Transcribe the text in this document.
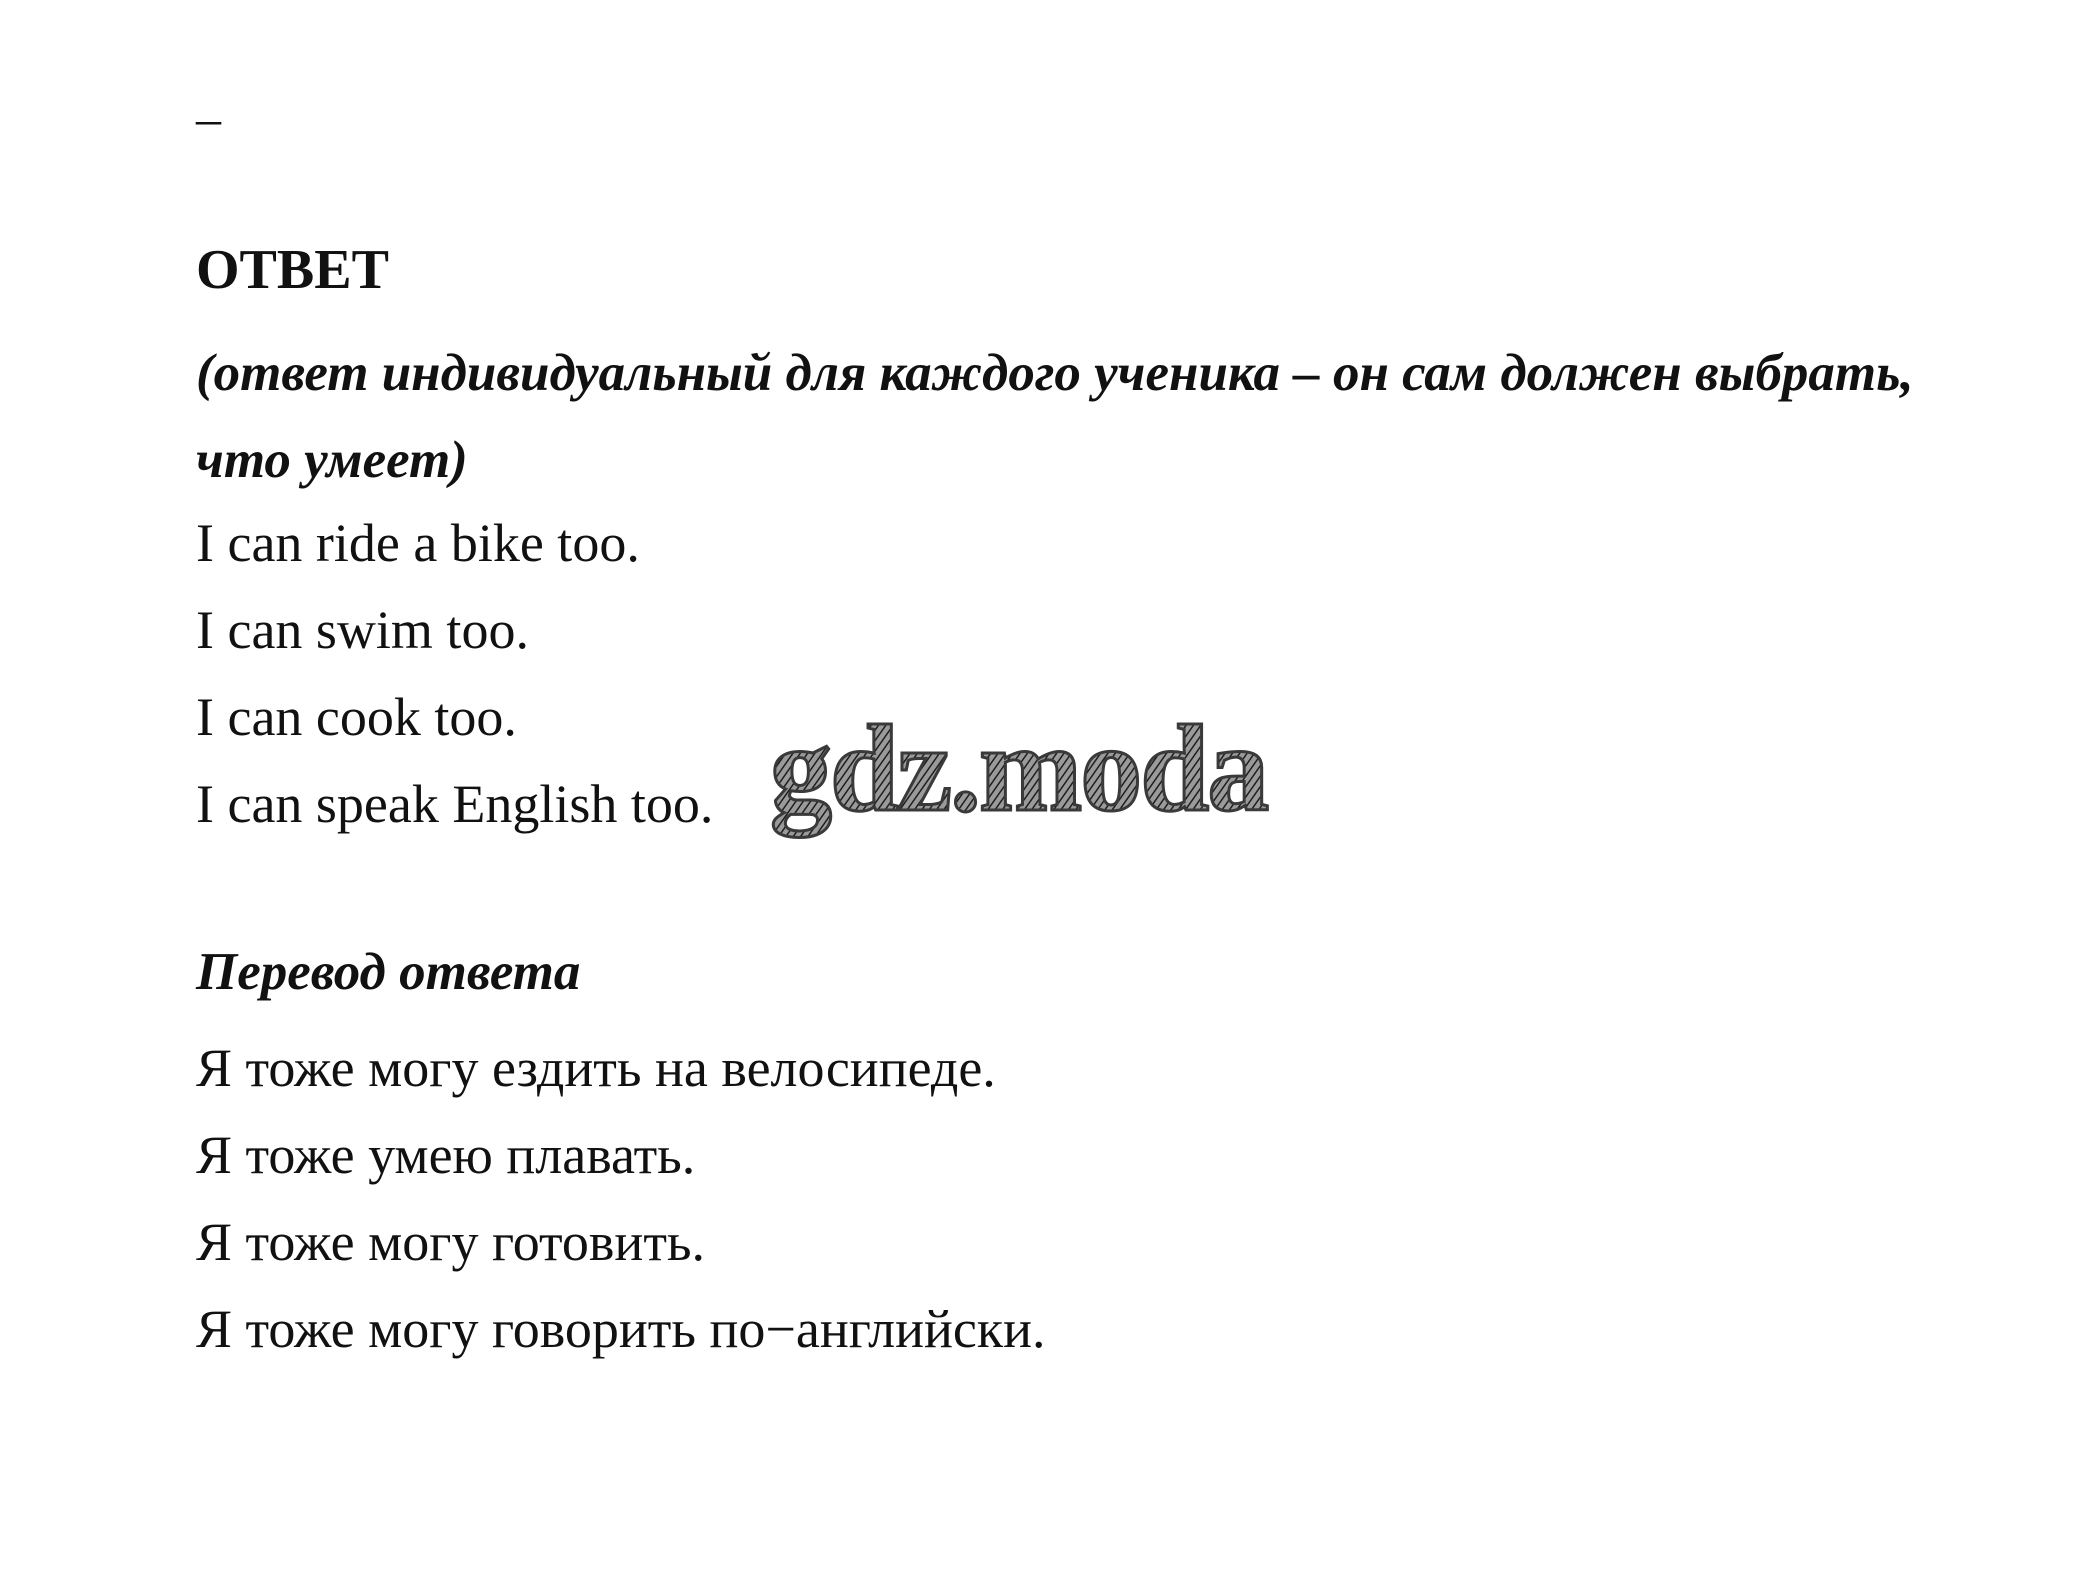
–
ОТВЕТ
(ответ индивидуальный для каждого ученика – он сам должен выбрать, что умеет)
I can ride a bike too.
I can swim too.
I can cook too.
I can speak English too.
Перевод ответа
Я тоже могу ездить на велосипеде.
Я тоже умею плавать.
Я тоже могу готовить.
Я тоже могу говорить по−английски.
gdz.moda
